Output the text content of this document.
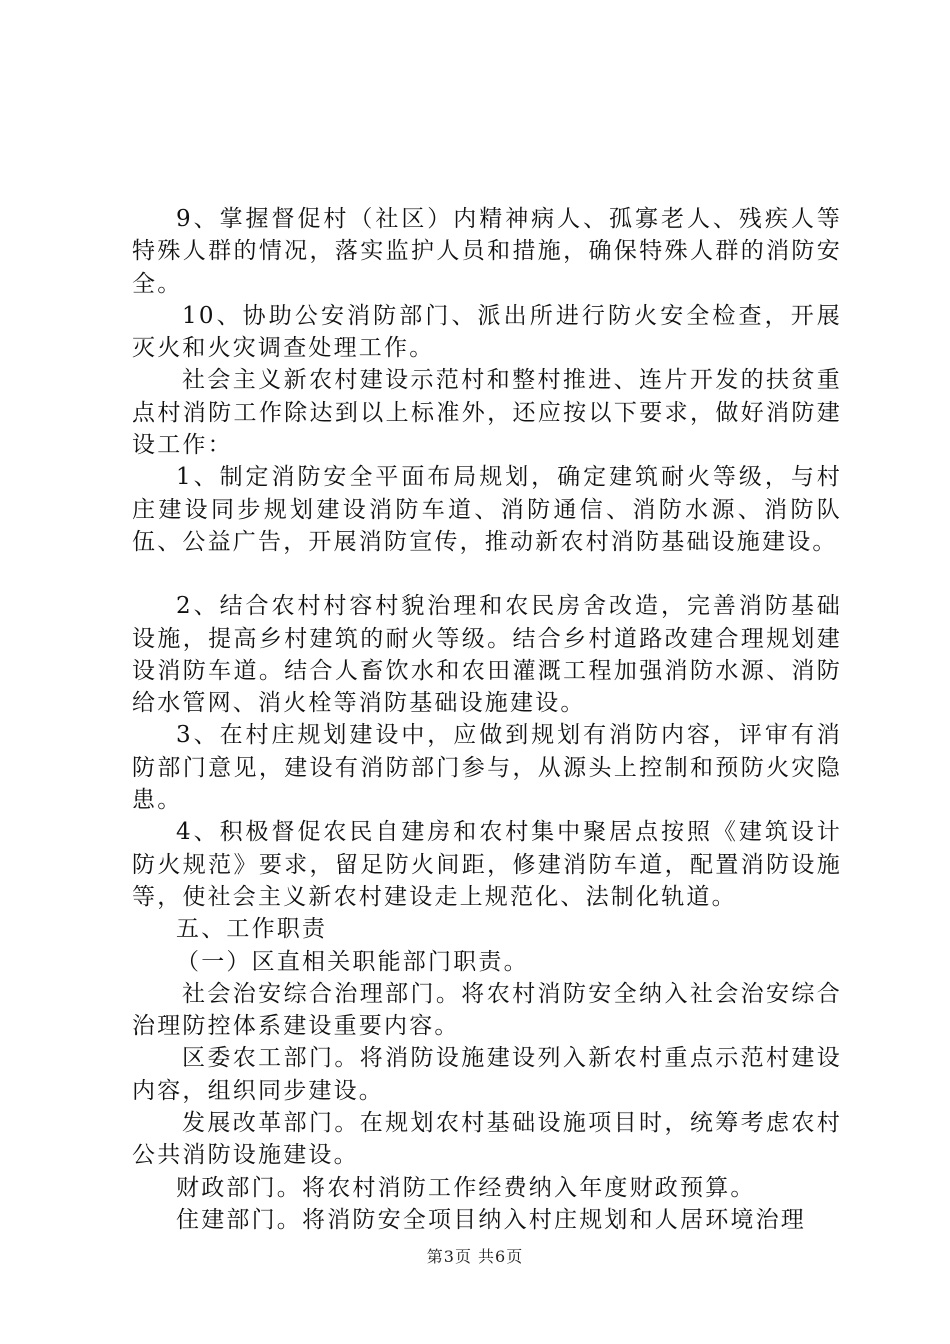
9、掌握督促村（社区）内精神病人、孤寡老人、残疾人等特殊人群的情况，落实监护人员和措施，确保特殊人群的消防安全。

10、协助公安消防部门、派出所进行防火安全检查，开展灭火和火灾调查处理工作。

社会主义新农村建设示范村和整村推进、连片开发的扶贫重点村消防工作除达到以上标准外，还应按以下要求，做好消防建设工作：

1、制定消防安全平面布局规划，确定建筑耐火等级，与村庄建设同步规划建设消防车道、消防通信、消防水源、消防队伍、公益广告，开展消防宣传，推动新农村消防基础设施建设。

2、结合农村村容村貌治理和农民房舍改造，完善消防基础设施，提高乡村建筑的耐火等级。结合乡村道路改建合理规划建设消防车道。结合人畜饮水和农田灌溉工程加强消防水源、消防给水管网、消火栓等消防基础设施建设。

3、在村庄规划建设中，应做到规划有消防内容，评审有消防部门意见，建设有消防部门参与，从源头上控制和预防火灾隐患。

4、积极督促农民自建房和农村集中聚居点按照《建筑设计防火规范》要求，留足防火间距，修建消防车道，配置消防设施等，使社会主义新农村建设走上规范化、法制化轨道。

五、工作职责

（一）区直相关职能部门职责。

社会治安综合治理部门。将农村消防安全纳入社会治安综合治理防控体系建设重要内容。

区委农工部门。将消防设施建设列入新农村重点示范村建设内容，组织同步建设。

发展改革部门。在规划农村基础设施项目时，统筹考虑农村公共消防设施建设。

财政部门。将农村消防工作经费纳入年度财政预算。

住建部门。将消防安全项目纳入村庄规划和人居环境治理

第3页 共6页
